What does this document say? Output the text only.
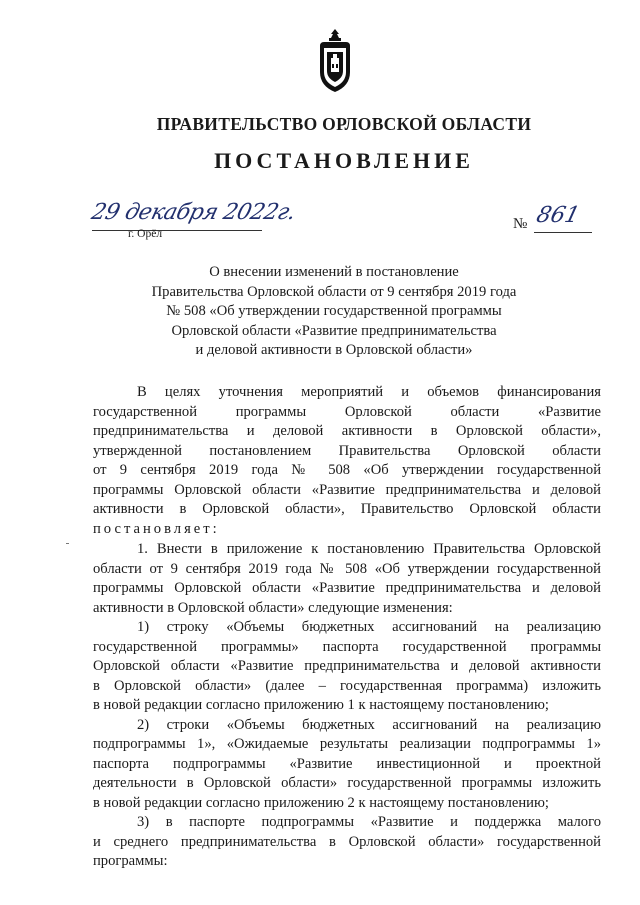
ПРАВИТЕЛЬСТВО ОРЛОВСКОЙ ОБЛАСТИ
ПОСТАНОВЛЕНИЕ
29 декабря 2022г.
г. Орёл
№ 861
О внесении изменений в постановление
Правительства Орловской области от 9 сентября 2019 года
№ 508 «Об утверждении государственной программы
Орловской области «Развитие предпринимательства
и деловой активности в Орловской области»
В целях уточнения мероприятий и объемов финансирования
государственной программы Орловской области «Развитие
предпринимательства и деловой активности в Орловской области»,
утвержденной постановлением Правительства Орловской области
от 9 сентября 2019 года № 508 «Об утверждении государственной
программы Орловской области «Развитие предпринимательства и деловой
активности в Орловской области», Правительство Орловской области
постановляет:
1. Внести в приложение к постановлению Правительства Орловской
области от 9 сентября 2019 года № 508 «Об утверждении государственной
программы Орловской области «Развитие предпринимательства и деловой
активности в Орловской области» следующие изменения:
1) строку «Объемы бюджетных ассигнований на реализацию
государственной программы» паспорта государственной программы
Орловской области «Развитие предпринимательства и деловой активности
в Орловской области» (далее – государственная программа) изложить
в новой редакции согласно приложению 1 к настоящему постановлению;
2) строки «Объемы бюджетных ассигнований на реализацию
подпрограммы 1», «Ожидаемые результаты реализации подпрограммы 1»
паспорта подпрограммы «Развитие инвестиционной и проектной
деятельности в Орловской области» государственной программы изложить
в новой редакции согласно приложению 2 к настоящему постановлению;
3) в паспорте подпрограммы «Развитие и поддержка малого
и среднего предпринимательства в Орловской области» государственной
программы:
